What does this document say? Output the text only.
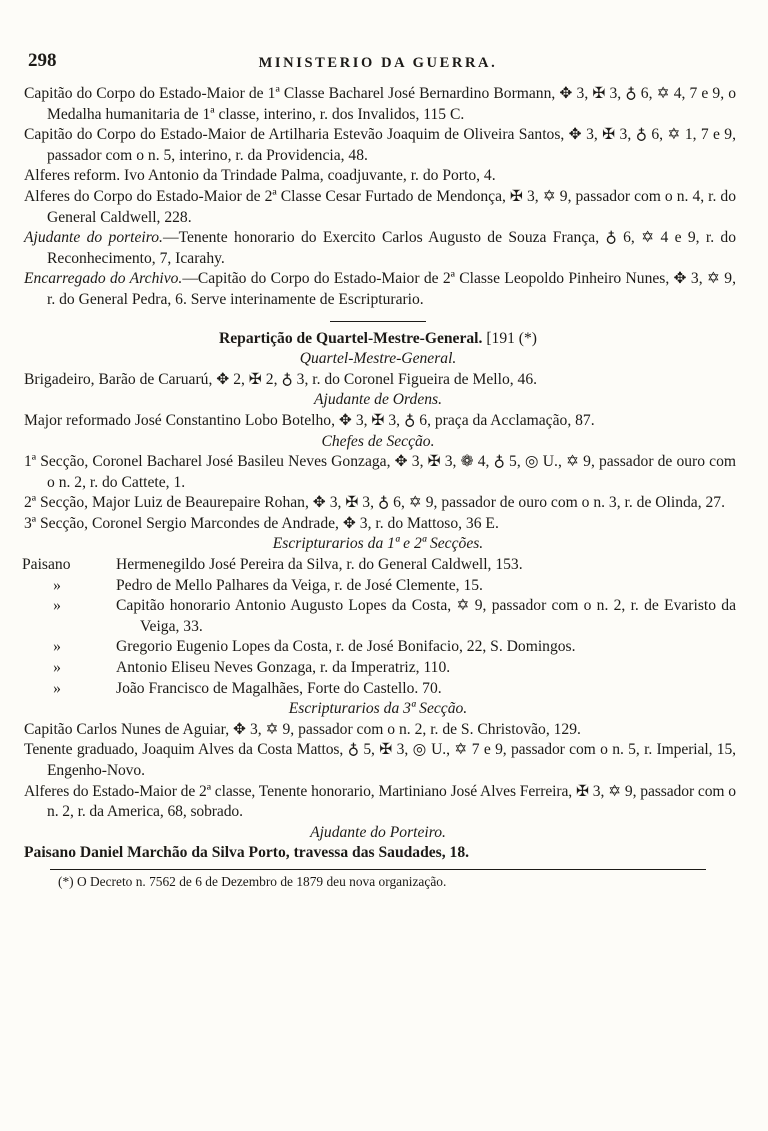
298	MINISTERIO DA GUERRA.

Capitão do Corpo do Estado-Maior de 1ª Classe Bacharel José Bernardino Bormann, ✥ 3, ✠ 3, ♁ 6, ✡ 4, 7 e 9, o Medalha humanitaria de 1ª classe, interino, r. dos Invalidos, 115 C.

Capitão do Corpo do Estado-Maior de Artilharia Estevão Joaquim de Oliveira Santos, ✥ 3, ✠ 3, ♁ 6, ✡ 1, 7 e 9, passador com o n. 5, interino, r. da Providencia, 48.

Alferes reform. Ivo Antonio da Trindade Palma, coadjuvante, r. do Porto, 4.

Alferes do Corpo do Estado-Maior de 2ª Classe Cesar Furtado de Mendonça, ✠ 3, ✡ 9, passador com o n. 4, r. do General Caldwell, 228.

Ajudante do porteiro.—Tenente honorario do Exercito Carlos Augusto de Souza França, ♁ 6, ✡ 4 e 9, r. do Reconhecimento, 7, Icarahy.

Encarregado do Archivo.—Capitão do Corpo do Estado-Maior de 2ª Classe Leopoldo Pinheiro Nunes, ✥ 3, ✡ 9, r. do General Pedra, 6. Serve interinamente de Escripturario.

Repartição de Quartel-Mestre-General. [191 (*)

Quartel-Mestre-General.

Brigadeiro, Barão de Caruarú, ✥ 2, ✠ 2, ♁ 3, r. do Coronel Figueira de Mello, 46.

Ajudante de Ordens.

Major reformado José Constantino Lobo Botelho, ✥ 3, ✠ 3, ♁ 6, praça da Acclamação, 87.

Chefes de Secção.

1ª Secção, Coronel Bacharel José Basileu Neves Gonzaga, ✥ 3, ✠ 3, ❁ 4, ♁ 5, ◎ U., ✡ 9, passador de ouro com o n. 2, r. do Cattete, 1.

2ª Secção, Major Luiz de Beaurepaire Rohan, ✥ 3, ✠ 3, ♁ 6, ✡ 9, passador de ouro com o n. 3, r. de Olinda, 27.

3ª Secção, Coronel Sergio Marcondes de Andrade, ✥ 3, r. do Mattoso, 36 E.

Escripturarios da 1ª e 2ª Secções.

Paisano	Hermenegildo José Pereira da Silva, r. do General Caldwell, 153.
»	Pedro de Mello Palhares da Veiga, r. de José Clemente, 15.
»	Capitão honorario Antonio Augusto Lopes da Costa, ✡ 9, passador com o n. 2, r. de Evaristo da Veiga, 33.
»	Gregorio Eugenio Lopes da Costa, r. de José Bonifacio, 22, S. Domingos.
»	Antonio Eliseu Neves Gonzaga, r. da Imperatriz, 110.
»	João Francisco de Magalhães, Forte do Castello. 70.

Escripturarios da 3ª Secção.

Capitão Carlos Nunes de Aguiar, ✥ 3, ✡ 9, passador com o n. 2, r. de S. Christovão, 129.

Tenente graduado, Joaquim Alves da Costa Mattos, ♁ 5, ✠ 3, ◎ U., ✡ 7 e 9, passador com o n. 5, r. Imperial, 15, Engenho-Novo.

Alferes do Estado-Maior de 2ª classe, Tenente honorario, Martiniano José Alves Ferreira, ✠ 3, ✡ 9, passador com o n. 2, r. da America, 68, sobrado.

Ajudante do Porteiro.

Paisano Daniel Marchão da Silva Porto, travessa das Saudades, 18.

(*) O Decreto n. 7562 de 6 de Dezembro de 1879 deu nova organização.
